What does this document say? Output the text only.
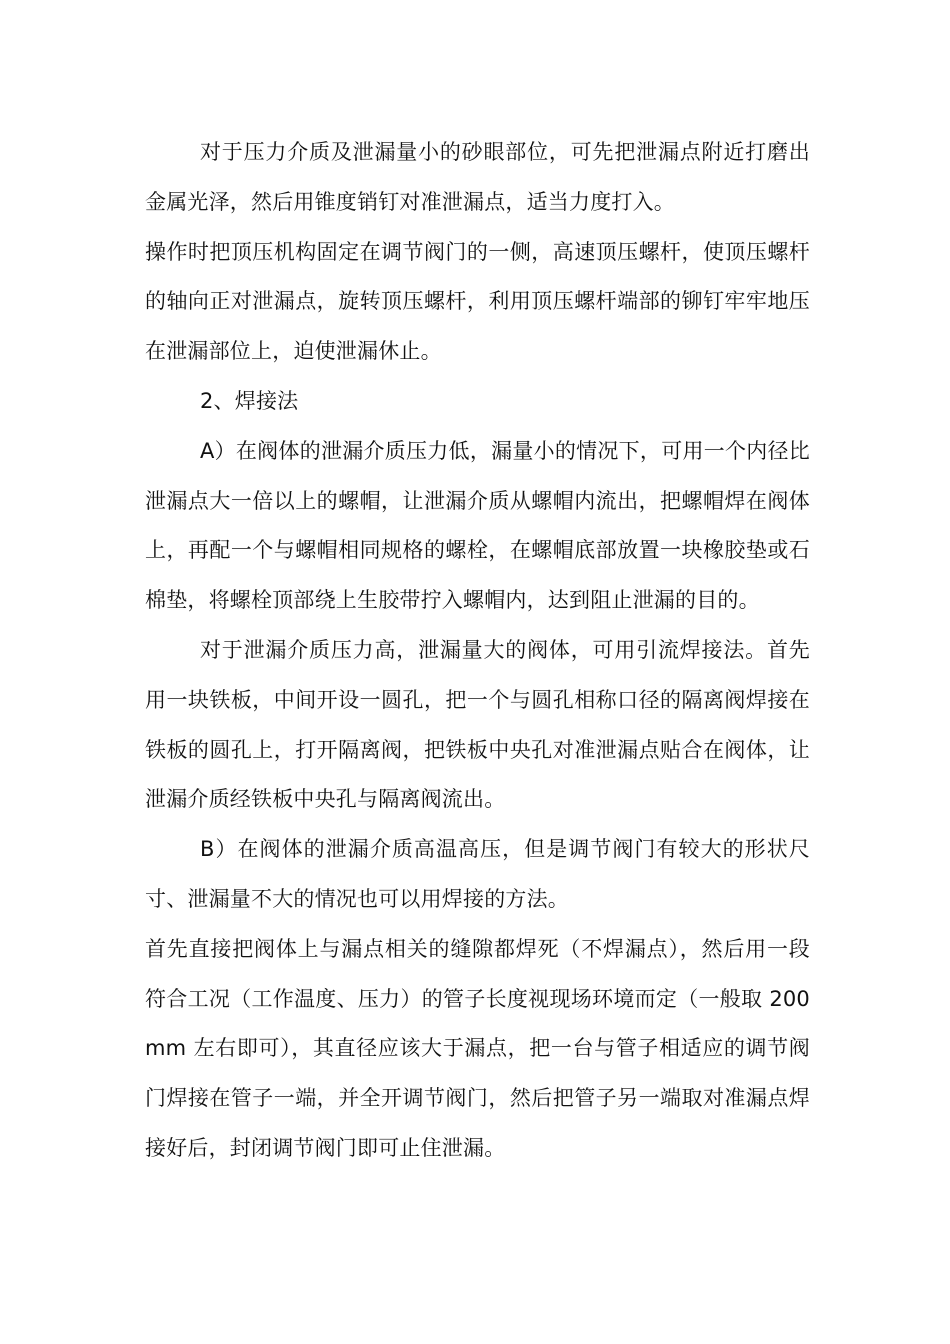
对于压力介质及泄漏量小的砂眼部位，可先把泄漏点附近打磨出金属光泽，然后用锥度销钉对准泄漏点，适当力度打入。

操作时把顶压机构固定在调节阀门的一侧，高速顶压螺杆，使顶压螺杆的轴向正对泄漏点，旋转顶压螺杆，利用顶压螺杆端部的铆钉牢牢地压在泄漏部位上，迫使泄漏休止。

2、焊接法

A）在阀体的泄漏介质压力低，漏量小的情况下，可用一个内径比泄漏点大一倍以上的螺帽，让泄漏介质从螺帽内流出，把螺帽焊在阀体上，再配一个与螺帽相同规格的螺栓，在螺帽底部放置一块橡胶垫或石棉垫，将螺栓顶部绕上生胶带拧入螺帽内，达到阻止泄漏的目的。

对于泄漏介质压力高，泄漏量大的阀体，可用引流焊接法。首先用一块铁板，中间开设一圆孔，把一个与圆孔相称口径的隔离阀焊接在铁板的圆孔上，打开隔离阀，把铁板中央孔对准泄漏点贴合在阀体，让泄漏介质经铁板中央孔与隔离阀流出。

B）在阀体的泄漏介质高温高压，但是调节阀门有较大的形状尺寸、泄漏量不大的情况也可以用焊接的方法。

首先直接把阀体上与漏点相关的缝隙都焊死（不焊漏点），然后用一段符合工况（工作温度、压力）的管子长度视现场环境而定（一般取 200mm 左右即可），其直径应该大于漏点，把一台与管子相适应的调节阀门焊接在管子一端，并全开调节阀门，然后把管子另一端取对准漏点焊接好后，封闭调节阀门即可止住泄漏。
